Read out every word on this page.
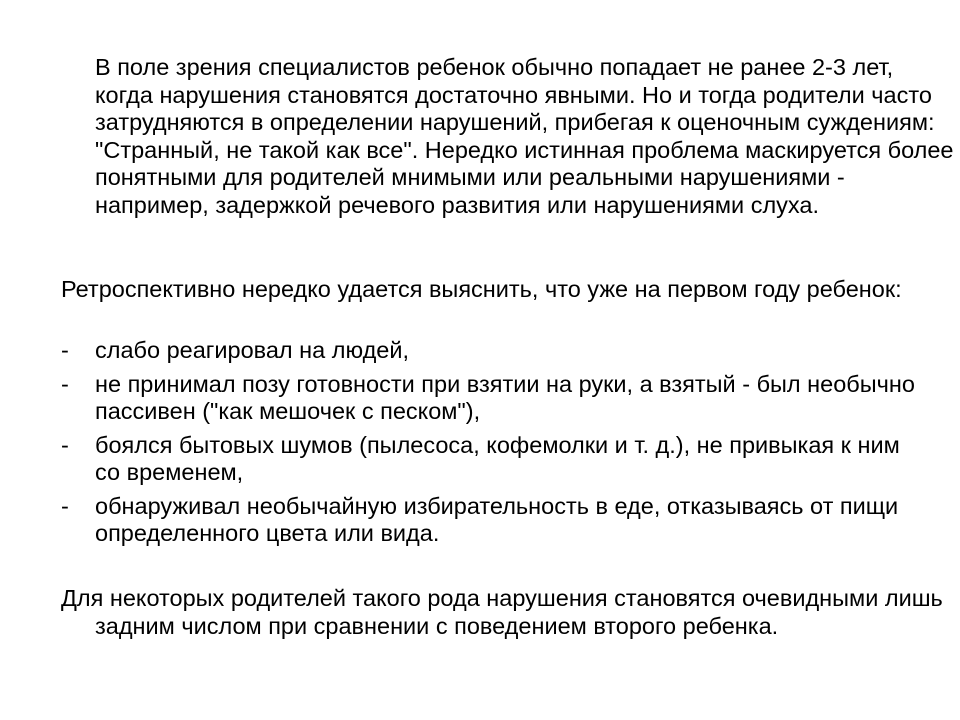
В поле зрения специалистов ребенок обычно попадает не ранее 2-3 лет, когда нарушения становятся достаточно явными. Но и тогда родители часто затрудняются в определении нарушений, прибегая к оценочным суждениям: "Странный, не такой как все". Нередко истинная проблема маскируется более понятными для родителей мнимыми или реальными нарушениями - например, задержкой речевого развития или нарушениями слуха.

Ретроспективно нередко удается выяснить, что уже на первом году ребенок:

- слабо реагировал на людей,
- не принимал позу готовности при взятии на руки, а взятый - был необычно пассивен ("как мешочек с песком"),
- боялся бытовых шумов (пылесоса, кофемолки и т. д.), не привыкая к ним со временем,
- обнаруживал необычайную избирательность в еде, отказываясь от пищи определенного цвета или вида.

Для некоторых родителей такого рода нарушения становятся очевидными лишь задним числом при сравнении с поведением второго ребенка.
